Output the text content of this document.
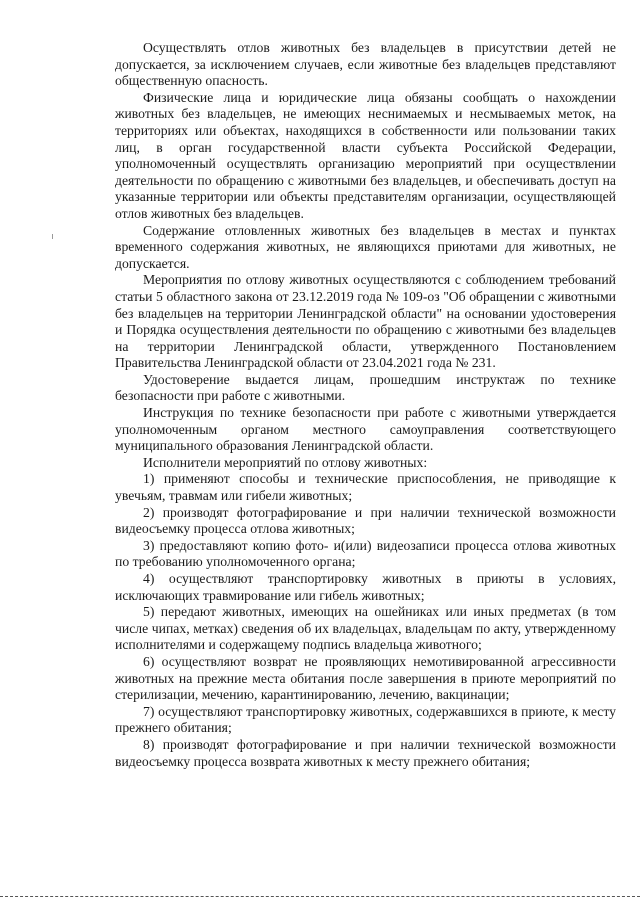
Осуществлять отлов животных без владельцев в присутствии детей не допускается, за исключением случаев, если животные без владельцев представляют общественную опасность.

Физические лица и юридические лица обязаны сообщать о нахождении животных без владельцев, не имеющих неснимаемых и несмываемых меток, на территориях или объектах, находящихся в собственности или пользовании таких лиц, в орган государственной власти субъекта Российской Федерации, уполномоченный осуществлять организацию мероприятий при осуществлении деятельности по обращению с животными без владельцев, и обеспечивать доступ на указанные территории или объекты представителям организации, осуществляющей отлов животных без владельцев.

Содержание отловленных животных без владельцев в местах и пунктах временного содержания животных, не являющихся приютами для животных, не допускается.

Мероприятия по отлову животных осуществляются с соблюдением требований статьи 5 областного закона от 23.12.2019 года № 109-оз "Об обращении с животными без владельцев на территории Ленинградской области" на основании удостоверения и Порядка осуществления деятельности по обращению с животными без владельцев на территории Ленинградской области, утвержденного Постановлением Правительства Ленинградской области от 23.04.2021 года № 231.

Удостоверение выдается лицам, прошедшим инструктаж по технике безопасности при работе с животными.

Инструкция по технике безопасности при работе с животными утверждается уполномоченным органом местного самоуправления соответствующего муниципального образования Ленинградской области.

Исполнители мероприятий по отлову животных:

1) применяют способы и технические приспособления, не приводящие к увечьям, травмам или гибели животных;

2) производят фотографирование и при наличии технической возможности видеосъемку процесса отлова животных;

3) предоставляют копию фото- и(или) видеозаписи процесса отлова животных по требованию уполномоченного органа;

4) осуществляют транспортировку животных в приюты в условиях, исключающих травмирование или гибель животных;

5) передают животных, имеющих на ошейниках или иных предметах (в том числе чипах, метках) сведения об их владельцах, владельцам по акту, утвержденному исполнителями и содержащему подпись владельца животного;

6) осуществляют возврат не проявляющих немотивированной агрессивности животных на прежние места обитания после завершения в приюте мероприятий по стерилизации, мечению, карантинированию, лечению, вакцинации;

7) осуществляют транспортировку животных, содержавшихся в приюте, к месту прежнего обитания;

8) производят фотографирование и при наличии технической возможности видеосъемку процесса возврата животных к месту прежнего обитания;
